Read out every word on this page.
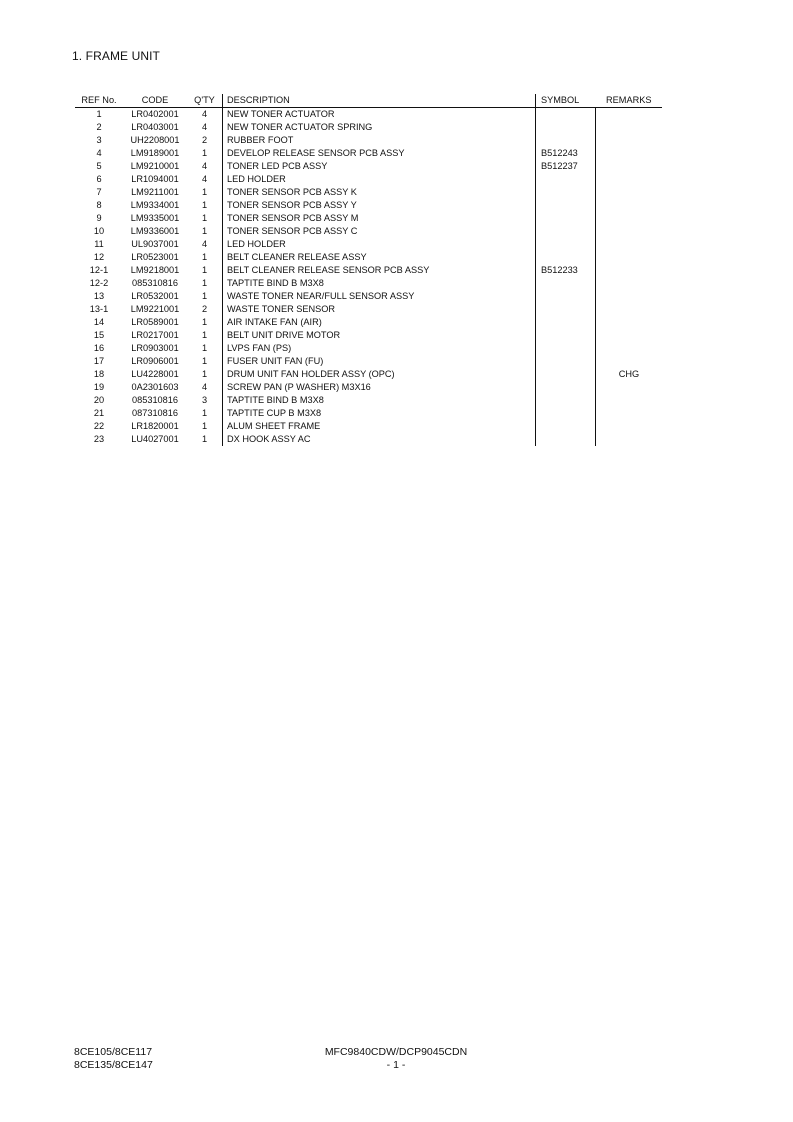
1. FRAME UNIT
REF No.	CODE	Q'TY	DESCRIPTION	SYMBOL	REMARKS
1	LR0402001	4	NEW TONER ACTUATOR		
2	LR0403001	4	NEW TONER ACTUATOR SPRING		
3	UH2208001	2	RUBBER FOOT		
4	LM9189001	1	DEVELOP RELEASE SENSOR PCB ASSY	B512243	
5	LM9210001	4	TONER LED PCB ASSY	B512237	
6	LR1094001	4	LED HOLDER		
7	LM9211001	1	TONER SENSOR PCB ASSY K		
8	LM9334001	1	TONER SENSOR PCB ASSY Y		
9	LM9335001	1	TONER SENSOR PCB ASSY M		
10	LM9336001	1	TONER SENSOR PCB ASSY C		
11	UL9037001	4	LED HOLDER		
12	LR0523001	1	BELT CLEANER RELEASE ASSY		
12-1	LM9218001	1	BELT CLEANER RELEASE SENSOR PCB ASSY	B512233	
12-2	085310816	1	TAPTITE BIND B M3X8		
13	LR0532001	1	WASTE TONER NEAR/FULL SENSOR ASSY		
13-1	LM9221001	2	WASTE TONER SENSOR		
14	LR0589001	1	AIR INTAKE FAN (AIR)		
15	LR0217001	1	BELT UNIT DRIVE MOTOR		
16	LR0903001	1	LVPS FAN (PS)		
17	LR0906001	1	FUSER UNIT FAN (FU)		
18	LU4228001	1	DRUM UNIT FAN HOLDER ASSY (OPC)		CHG
19	0A2301603	4	SCREW PAN (P WASHER) M3X16		
20	085310816	3	TAPTITE BIND B M3X8		
21	087310816	1	TAPTITE CUP B M3X8		
22	LR1820001	1	ALUM SHEET FRAME		
23	LU4027001	1	DX HOOK ASSY AC		
8CE105/8CE117
8CE135/8CE147
MFC9840CDW/DCP9045CDN
- 1 -
